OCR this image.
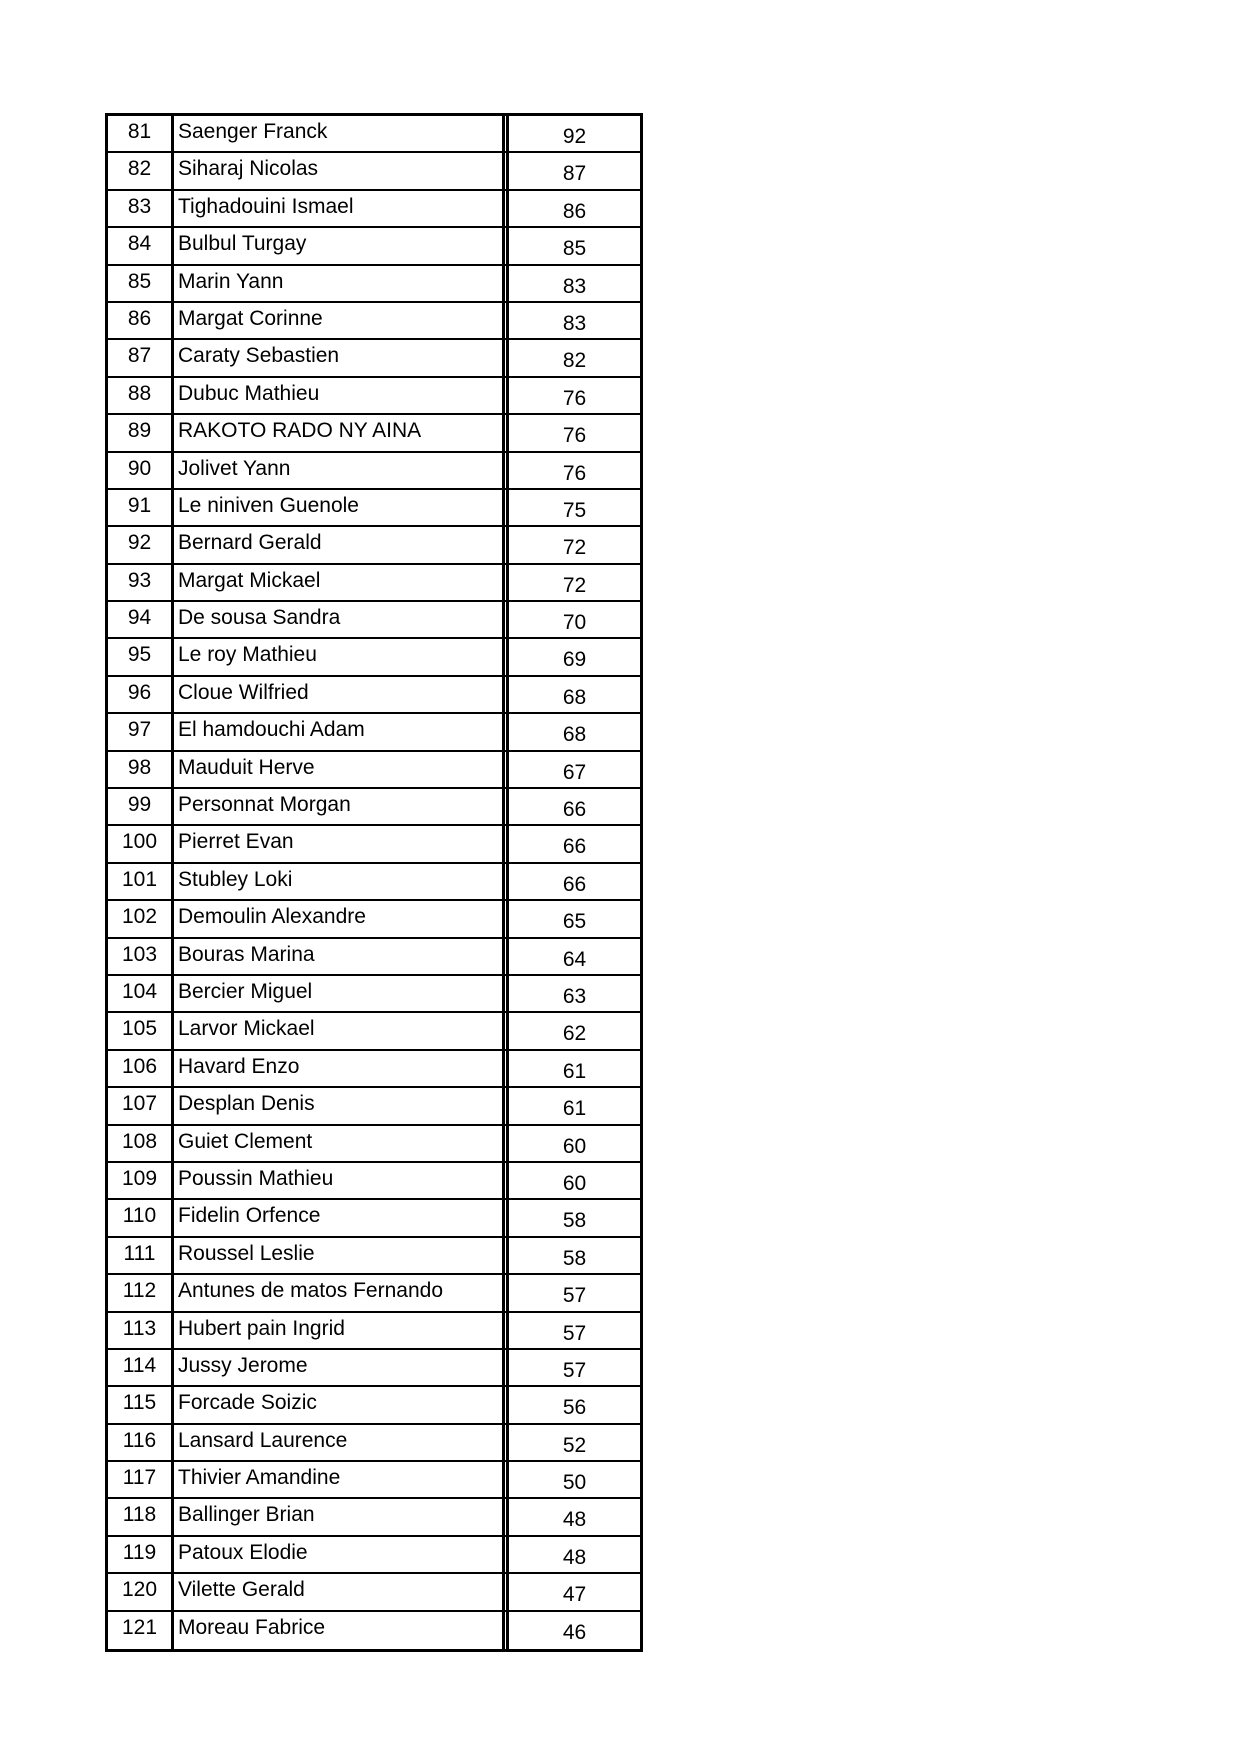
81	Saenger Franck	92
82	Siharaj Nicolas	87
83	Tighadouini Ismael	86
84	Bulbul Turgay	85
85	Marin Yann	83
86	Margat Corinne	83
87	Caraty Sebastien	82
88	Dubuc Mathieu	76
89	RAKOTO RADO NY AINA	76
90	Jolivet Yann	76
91	Le niniven Guenole	75
92	Bernard Gerald	72
93	Margat Mickael	72
94	De sousa Sandra	70
95	Le roy Mathieu	69
96	Cloue Wilfried	68
97	El hamdouchi Adam	68
98	Mauduit Herve	67
99	Personnat Morgan	66
100 Pierret Evan	66
101 Stubley Loki	66
102 Demoulin Alexandre	65
103 Bouras Marina	64
104 Bercier Miguel	63
105 Larvor Mickael	62
106 Havard Enzo	61
107 Desplan Denis	61
108 Guiet Clement	60
109 Poussin Mathieu	60
110	Fidelin Orfence	58
111	Roussel Leslie	58
112	Antunes de matos Fernando	57
113	Hubert pain Ingrid	57
114	Jussy Jerome	57
115	Forcade Soizic	56
116	Lansard Laurence	52
117	Thivier Amandine	50
118	Ballinger Brian	48
119	Patoux Elodie	48
120 Vilette Gerald	47
121 Moreau Fabrice	46
